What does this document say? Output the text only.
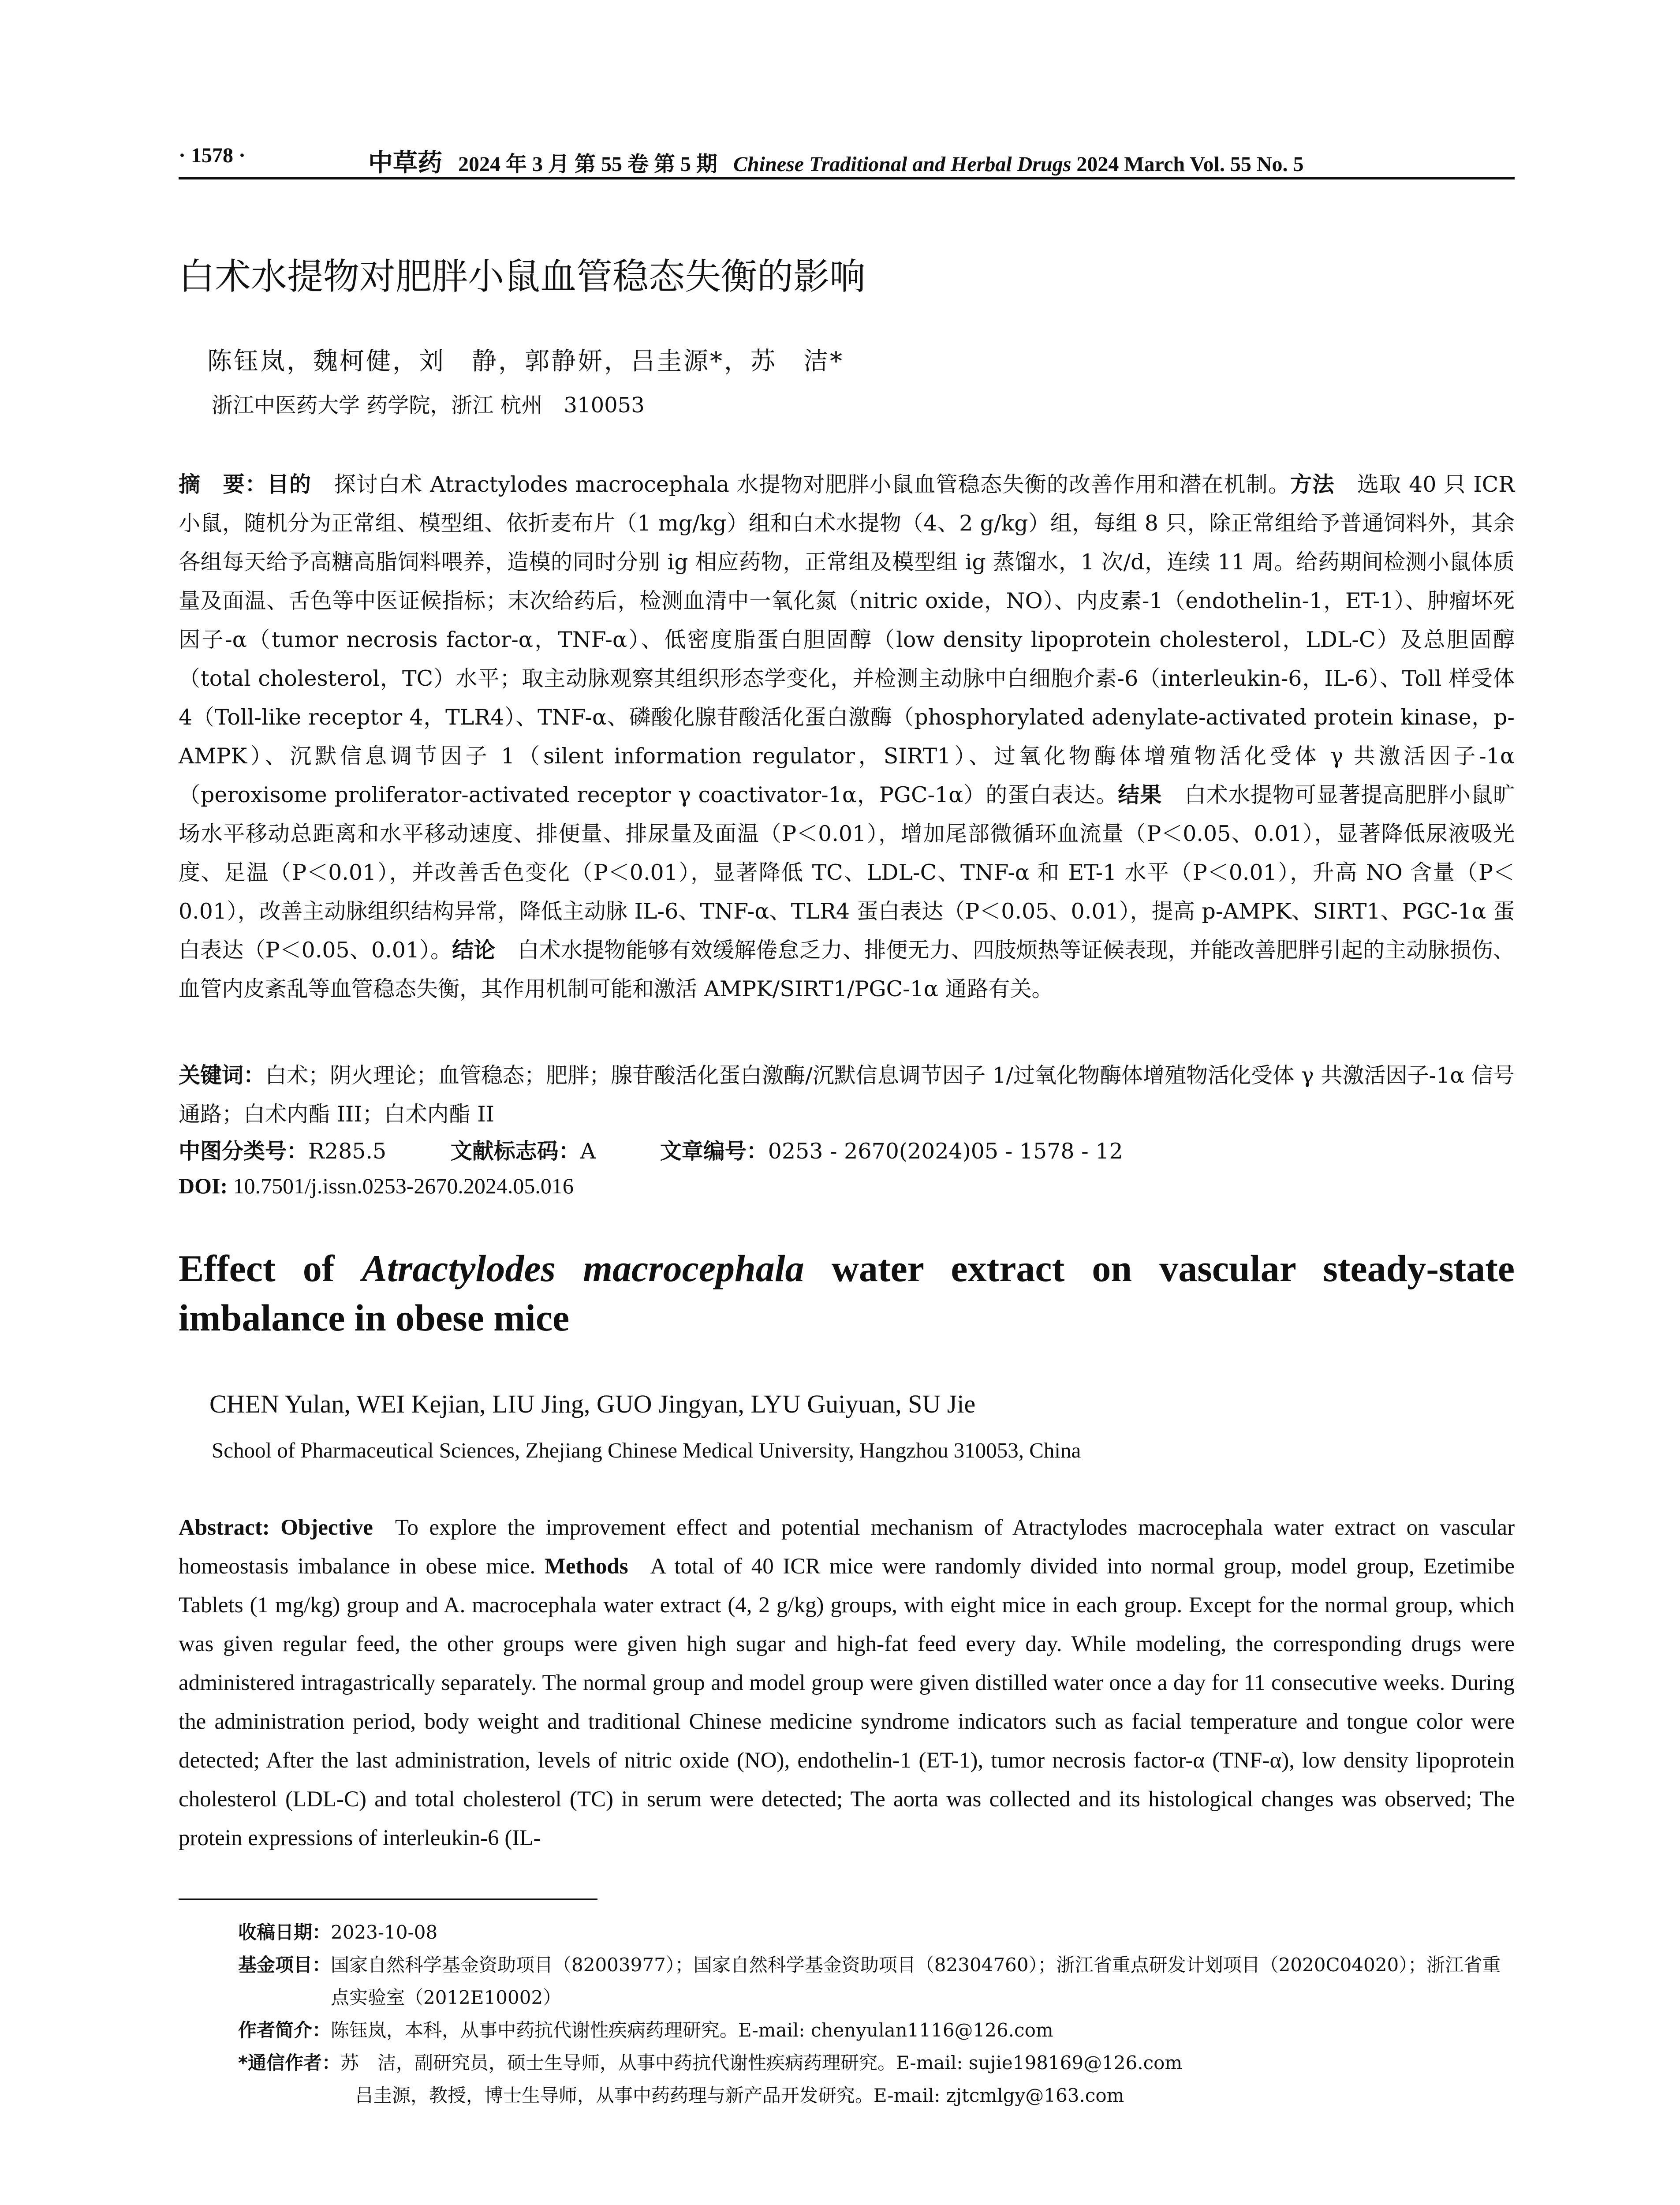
· 1578 ·	中草药 2024 年 3 月 第 55 卷 第 5 期 Chinese Traditional and Herbal Drugs 2024 March Vol. 55 No. 5
白术水提物对肥胖小鼠血管稳态失衡的影响
陈钰岚，魏柯健，刘　静，郭静妍，吕圭源*，苏　洁*
浙江中医药大学 药学院，浙江 杭州　310053
摘　要：目的 探讨白术 Atractylodes macrocephala 水提物对肥胖小鼠血管稳态失衡的改善作用和潜在机制。方法 选取 40 只 ICR 小鼠，随机分为正常组、模型组、依折麦布片（1 mg/kg）组和白术水提物（4、2 g/kg）组，每组 8 只，除正常组给予普通饲料外，其余各组每天给予高糖高脂饲料喂养，造模的同时分别 ig 相应药物，正常组及模型组 ig 蒸馏水，1 次/d，连续 11 周。给药期间检测小鼠体质量及面温、舌色等中医证候指标；末次给药后，检测血清中一氧化氮（nitric oxide，NO）、内皮素-1（endothelin-1，ET-1）、肿瘤坏死因子-α（tumor necrosis factor-α，TNF-α）、低密度脂蛋白胆固醇（low density lipoprotein cholesterol，LDL-C）及总胆固醇（total cholesterol，TC）水平；取主动脉观察其组织形态学变化，并检测主动脉中白细胞介素-6（interleukin-6，IL-6）、Toll 样受体 4（Toll-like receptor 4，TLR4）、TNF-α、磷酸化腺苷酸活化蛋白激酶（phosphorylated adenylate-activated protein kinase，p-AMPK）、沉默信息调节因子 1（silent information regulator，SIRT1）、过氧化物酶体增殖物活化受体 γ 共激活因子-1α（peroxisome proliferator-activated receptor γ coactivator-1α，PGC-1α）的蛋白表达。结果 白术水提物可显著提高肥胖小鼠旷场水平移动总距离和水平移动速度、排便量、排尿量及面温（P＜0.01），增加尾部微循环血流量（P＜0.05、0.01），显著降低尿液吸光度、足温（P＜0.01），并改善舌色变化（P＜0.01），显著降低 TC、LDL-C、TNF-α 和 ET-1 水平（P＜0.01），升高 NO 含量（P＜0.01），改善主动脉组织结构异常，降低主动脉 IL-6、TNF-α、TLR4 蛋白表达（P＜0.05、0.01），提高 p-AMPK、SIRT1、PGC-1α 蛋白表达（P＜0.05、0.01）。结论 白术水提物能够有效缓解倦怠乏力、排便无力、四肢烦热等证候表现，并能改善肥胖引起的主动脉损伤、血管内皮紊乱等血管稳态失衡，其作用机制可能和激活 AMPK/SIRT1/PGC-1α 通路有关。
关键词：白术；阴火理论；血管稳态；肥胖；腺苷酸活化蛋白激酶/沉默信息调节因子 1/过氧化物酶体增殖物活化受体 γ 共激活因子-1α 信号通路；白术内酯 III；白术内酯 II
中图分类号：R285.5	文献标志码：A	文章编号：0253 - 2670(2024)05 - 1578 - 12
DOI: 10.7501/j.issn.0253-2670.2024.05.016
Effect of Atractylodes macrocephala water extract on vascular steady-state imbalance in obese mice
CHEN Yulan, WEI Kejian, LIU Jing, GUO Jingyan, LYU Guiyuan, SU Jie
School of Pharmaceutical Sciences, Zhejiang Chinese Medical University, Hangzhou 310053, China
Abstract: Objective To explore the improvement effect and potential mechanism of Atractylodes macrocephala water extract on vascular homeostasis imbalance in obese mice. Methods A total of 40 ICR mice were randomly divided into normal group, model group, Ezetimibe Tablets (1 mg/kg) group and A. macrocephala water extract (4, 2 g/kg) groups, with eight mice in each group. Except for the normal group, which was given regular feed, the other groups were given high sugar and high-fat feed every day. While modeling, the corresponding drugs were administered intragastrically separately. The normal group and model group were given distilled water once a day for 11 consecutive weeks. During the administration period, body weight and traditional Chinese medicine syndrome indicators such as facial temperature and tongue color were detected; After the last administration, levels of nitric oxide (NO), endothelin-1 (ET-1), tumor necrosis factor-α (TNF-α), low density lipoprotein cholesterol (LDL-C) and total cholesterol (TC) in serum were detected; The aorta was collected and its histological changes was observed; The protein expressions of interleukin-6 (IL-
收稿日期： 2023-10-08
基金项目： 国家自然科学基金资助项目（82003977）；国家自然科学基金资助项目（82304760）；浙江省重点研发计划项目（2020C04020）；浙江省重点实验室（2012E10002）
作者简介： 陈钰岚，本科，从事中药抗代谢性疾病药理研究。E-mail: chenyulan1116@126.com
*通信作者： 苏　洁，副研究员，硕士生导师，从事中药抗代谢性疾病药理研究。E-mail: sujie198169@126.com
吕圭源，教授，博士生导师，从事中药药理与新产品开发研究。E-mail: zjtcmlgy@163.com
